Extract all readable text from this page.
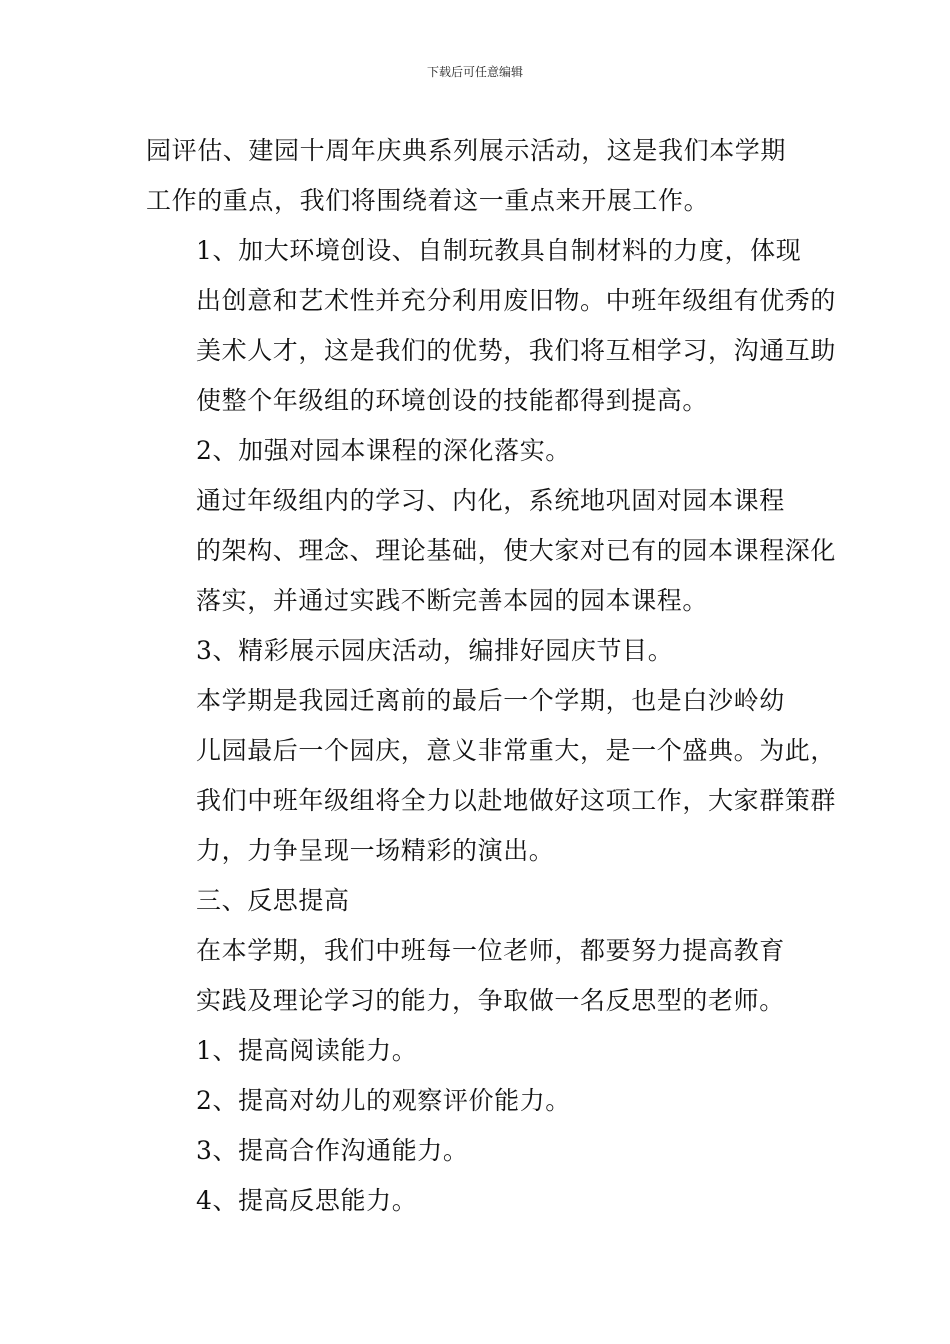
下载后可任意编辑

园评估、建园十周年庆典系列展示活动，这是我们本学期
工作的重点，我们将围绕着这一重点来开展工作。

1、加大环境创设、自制玩教具自制材料的力度，体现
出创意和艺术性并充分利用废旧物。中班年级组有优秀的
美术人才，这是我们的优势，我们将互相学习，沟通互助
使整个年级组的环境创设的技能都得到提高。

2、加强对园本课程的深化落实。

通过年级组内的学习、内化，系统地巩固对园本课程
的架构、理念、理论基础，使大家对已有的园本课程深化
落实，并通过实践不断完善本园的园本课程。

3、精彩展示园庆活动，编排好园庆节目。

本学期是我园迁离前的最后一个学期，也是白沙岭幼
儿园最后一个园庆，意义非常重大，是一个盛典。为此，
我们中班年级组将全力以赴地做好这项工作，大家群策群
力，力争呈现一场精彩的演出。

三、反思提高

在本学期，我们中班每一位老师，都要努力提高教育
实践及理论学习的能力，争取做一名反思型的老师。

1、提高阅读能力。

2、提高对幼儿的观察评价能力。

3、提高合作沟通能力。

4、提高反思能力。
